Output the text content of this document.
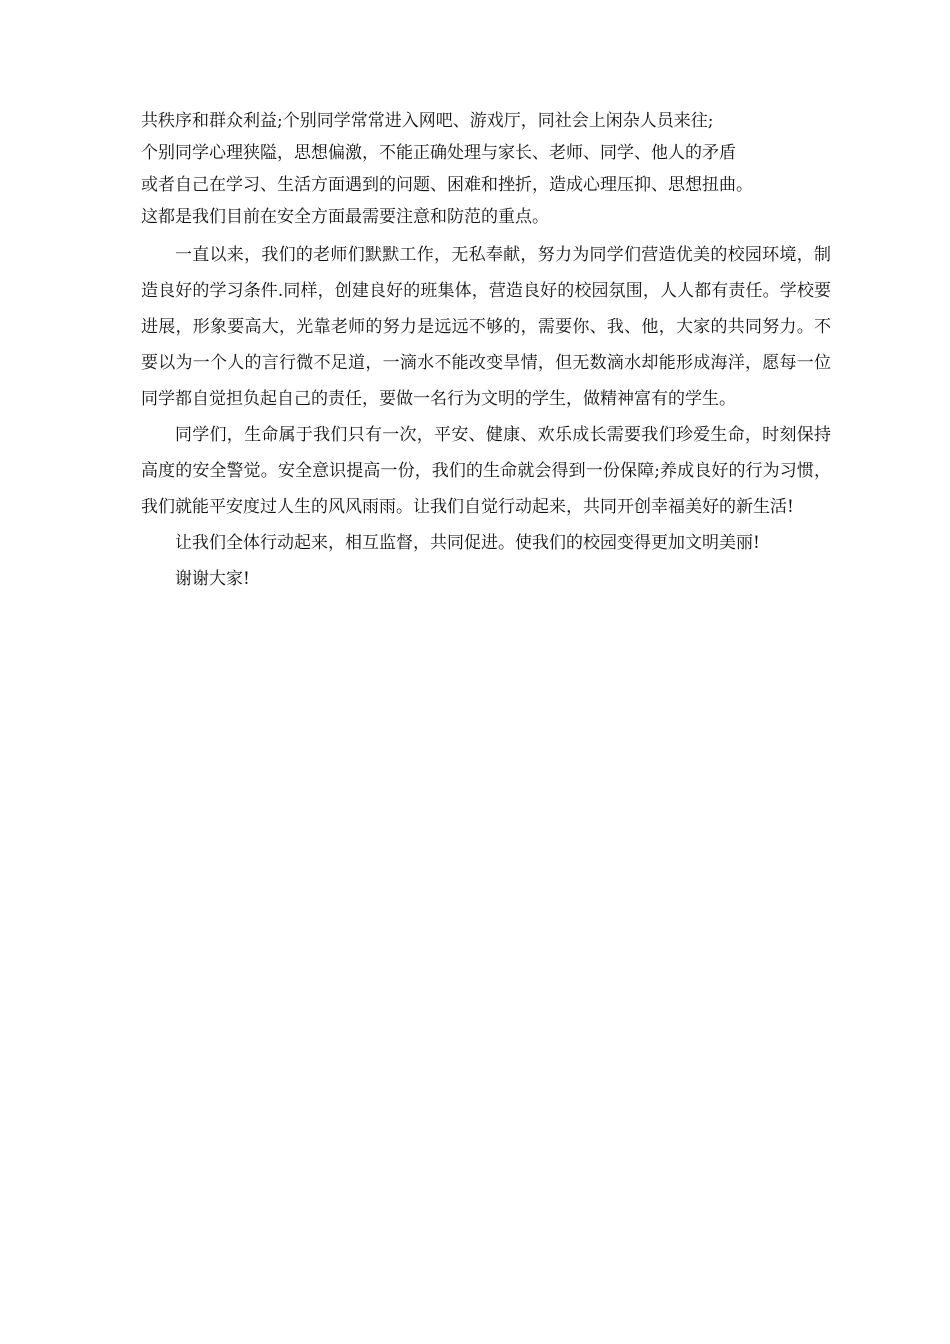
共秩序和群众利益;个别同学常常进入网吧、游戏厅，同社会上闲杂人员来往;
个别同学心理狭隘，思想偏激，不能正确处理与家长、老师、同学、他人的矛盾
或者自己在学习、生活方面遇到的问题、困难和挫折，造成心理压抑、思想扭曲。
这都是我们目前在安全方面最需要注意和防范的重点。

一直以来，我们的老师们默默工作，无私奉献，努力为同学们营造优美的校园环境，制造良好的学习条件.同样，创建良好的班集体，营造良好的校园氛围，人人都有责任。学校要进展，形象要高大，光靠老师的努力是远远不够的，需要你、我、他，大家的共同努力。不要以为一个人的言行微不足道，一滴水不能改变旱情，但无数滴水却能形成海洋，愿每一位同学都自觉担负起自己的责任，要做一名行为文明的学生，做精神富有的学生。

同学们，生命属于我们只有一次，平安、健康、欢乐成长需要我们珍爱生命，时刻保持高度的安全警觉。安全意识提高一份，我们的生命就会得到一份保障;养成良好的行为习惯，我们就能平安度过人生的风风雨雨。让我们自觉行动起来，共同开创幸福美好的新生活!

让我们全体行动起来，相互监督，共同促进。使我们的校园变得更加文明美丽!

谢谢大家!
